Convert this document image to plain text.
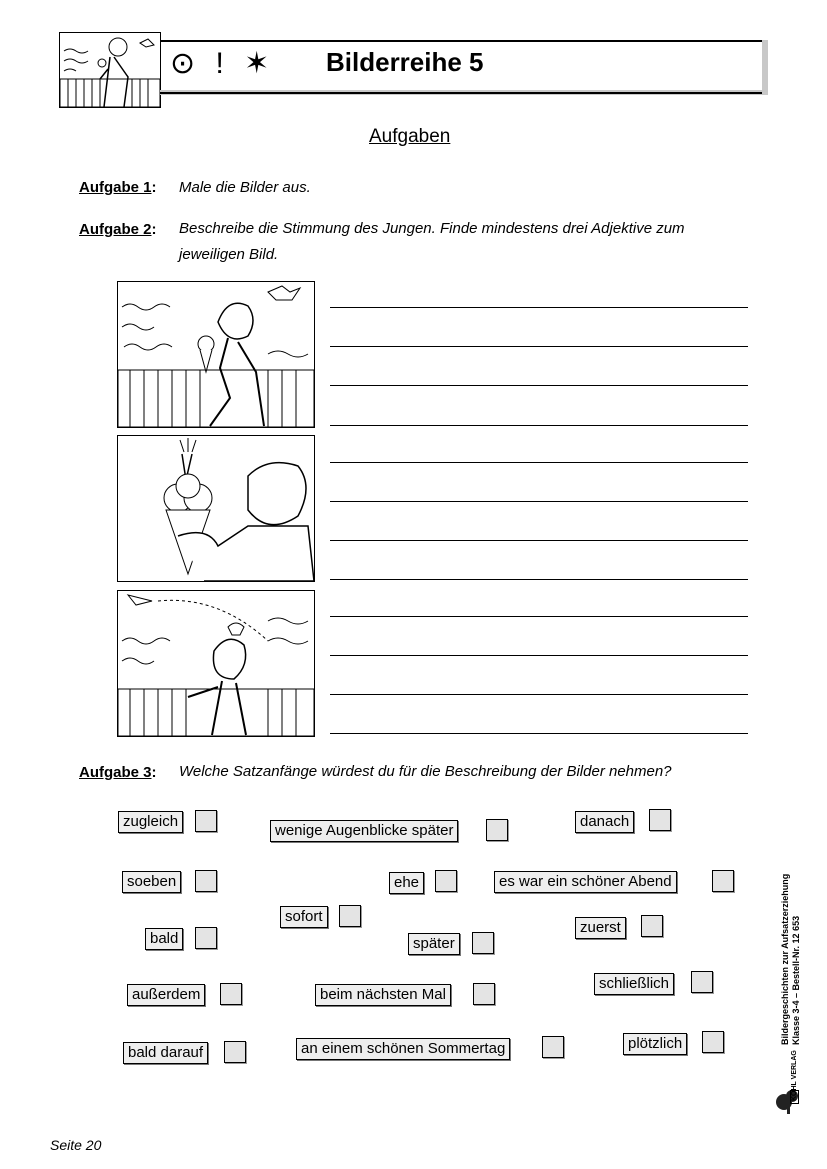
⊙ ! ✶ Bilderreihe 5
Aufgaben
Aufgabe 1: Male die Bilder aus.
Aufgabe 2: Beschreibe die Stimmung des Jungen. Finde mindestens drei Adjektive zum
jeweiligen Bild.
Aufgabe 3: Welche Satzanfänge würdest du für die Beschreibung der Bilder nehmen?
zugleich
wenige Augenblicke später
danach
soeben	ehe	es war ein schöner Abend
sofort
bald	später
zuerst
außerdem	beim nächsten Mal
schließlich
bald darauf	an einem schönen Sommertag	plötzlich	Bildergeschichten zur Aufsatzerziehung Klasse 3-4 – Bestell-Nr. 12 653
KOHL VERLAG
Seite 20
